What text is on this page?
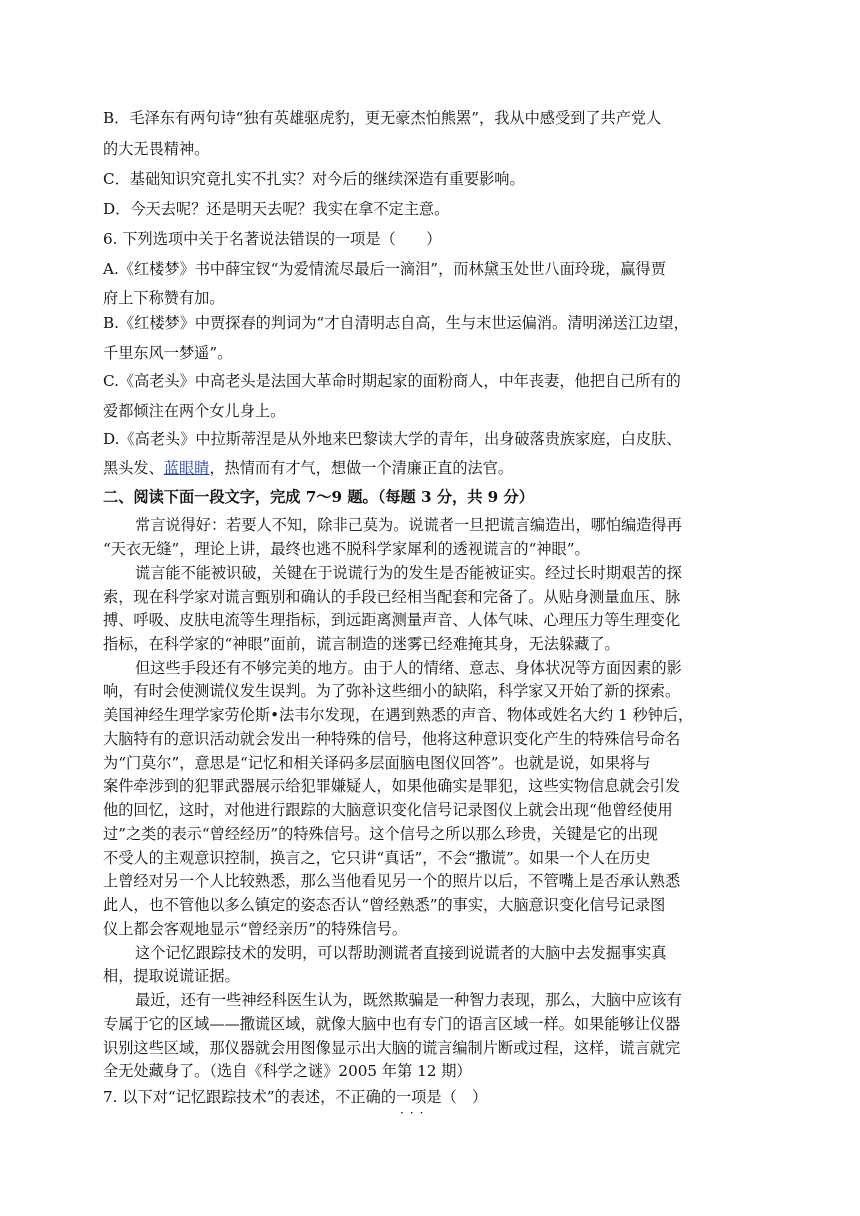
B．毛泽东有两句诗“独有英雄驱虎豹，更无豪杰怕熊罴”，我从中感受到了共产党人
的大无畏精神。
C．基础知识究竟扎实不扎实？对今后的继续深造有重要影响。
D．今天去呢？还是明天去呢？我实在拿不定主意。
6. 下列选项中关于名著说法错误的一项是（　　）
A.《红楼梦》书中薛宝钗“为爱情流尽最后一滴泪”，而林黛玉处世八面玲珑，赢得贾
府上下称赞有加。
B.《红楼梦》中贾探春的判词为“才自清明志自高，生与末世运偏消。清明涕送江边望，
千里东风一梦遥”。
C.《高老头》中高老头是法国大革命时期起家的面粉商人，中年丧妻，他把自己所有的
爱都倾注在两个女儿身上。
D.《高老头》中拉斯蒂涅是从外地来巴黎读大学的青年，出身破落贵族家庭，白皮肤、
黑头发、蓝眼睛，热情而有才气，想做一个清廉正直的法官。
二、阅读下面一段文字，完成 7～9 题。（每题 3 分，共 9 分）
常言说得好：若要人不知，除非己莫为。说谎者一旦把谎言编造出，哪怕编造得再
“天衣无缝”，理论上讲，最终也逃不脱科学家犀利的透视谎言的“神眼”。
谎言能不能被识破，关键在于说谎行为的发生是否能被证实。经过长时期艰苦的探
索，现在科学家对谎言甄别和确认的手段已经相当配套和完备了。从贴身测量血压、脉
搏、呼吸、皮肤电流等生理指标，到远距离测量声音、人体气味、心理压力等生理变化
指标，在科学家的“神眼”面前，谎言制造的迷雾已经难掩其身，无法躲藏了。
但这些手段还有不够完美的地方。由于人的情绪、意志、身体状况等方面因素的影
响，有时会使测谎仪发生误判。为了弥补这些细小的缺陷，科学家又开始了新的探索。
美国神经生理学家劳伦斯•法韦尔发现，在遇到熟悉的声音、物体或姓名大约 1 秒钟后，
大脑特有的意识活动就会发出一种特殊的信号，他将这种意识变化产生的特殊信号命名
为“门莫尔”，意思是“记忆和相关译码多层面脑电图仪回答”。也就是说，如果将与
案件牵涉到的犯罪武器展示给犯罪嫌疑人，如果他确实是罪犯，这些实物信息就会引发
他的回忆，这时，对他进行跟踪的大脑意识变化信号记录图仪上就会出现“他曾经使用
过”之类的表示“曾经经历”的特殊信号。这个信号之所以那么珍贵，关键是它的出现
不受人的主观意识控制，换言之，它只讲“真话”，不会“撒谎”。如果一个人在历史
上曾经对另一个人比较熟悉，那么当他看见另一个的照片以后，不管嘴上是否承认熟悉
此人，也不管他以多么镇定的姿态否认“曾经熟悉”的事实，大脑意识变化信号记录图
仪上都会客观地显示“曾经亲历”的特殊信号。
这个记忆跟踪技术的发明，可以帮助测谎者直接到说谎者的大脑中去发掘事实真
相，提取说谎证据。
最近，还有一些神经科医生认为，既然欺骗是一种智力表现，那么，大脑中应该有
专属于它的区域——撒谎区域，就像大脑中也有专门的语言区域一样。如果能够让仪器
识别这些区域，那仪器就会用图像显示出大脑的谎言编制片断或过程，这样，谎言就完
全无处藏身了。（选自《科学之谜》2005 年第 12 期）
7. 以下对“记忆跟踪技术”的表述，不正确的一项是（　）
···
